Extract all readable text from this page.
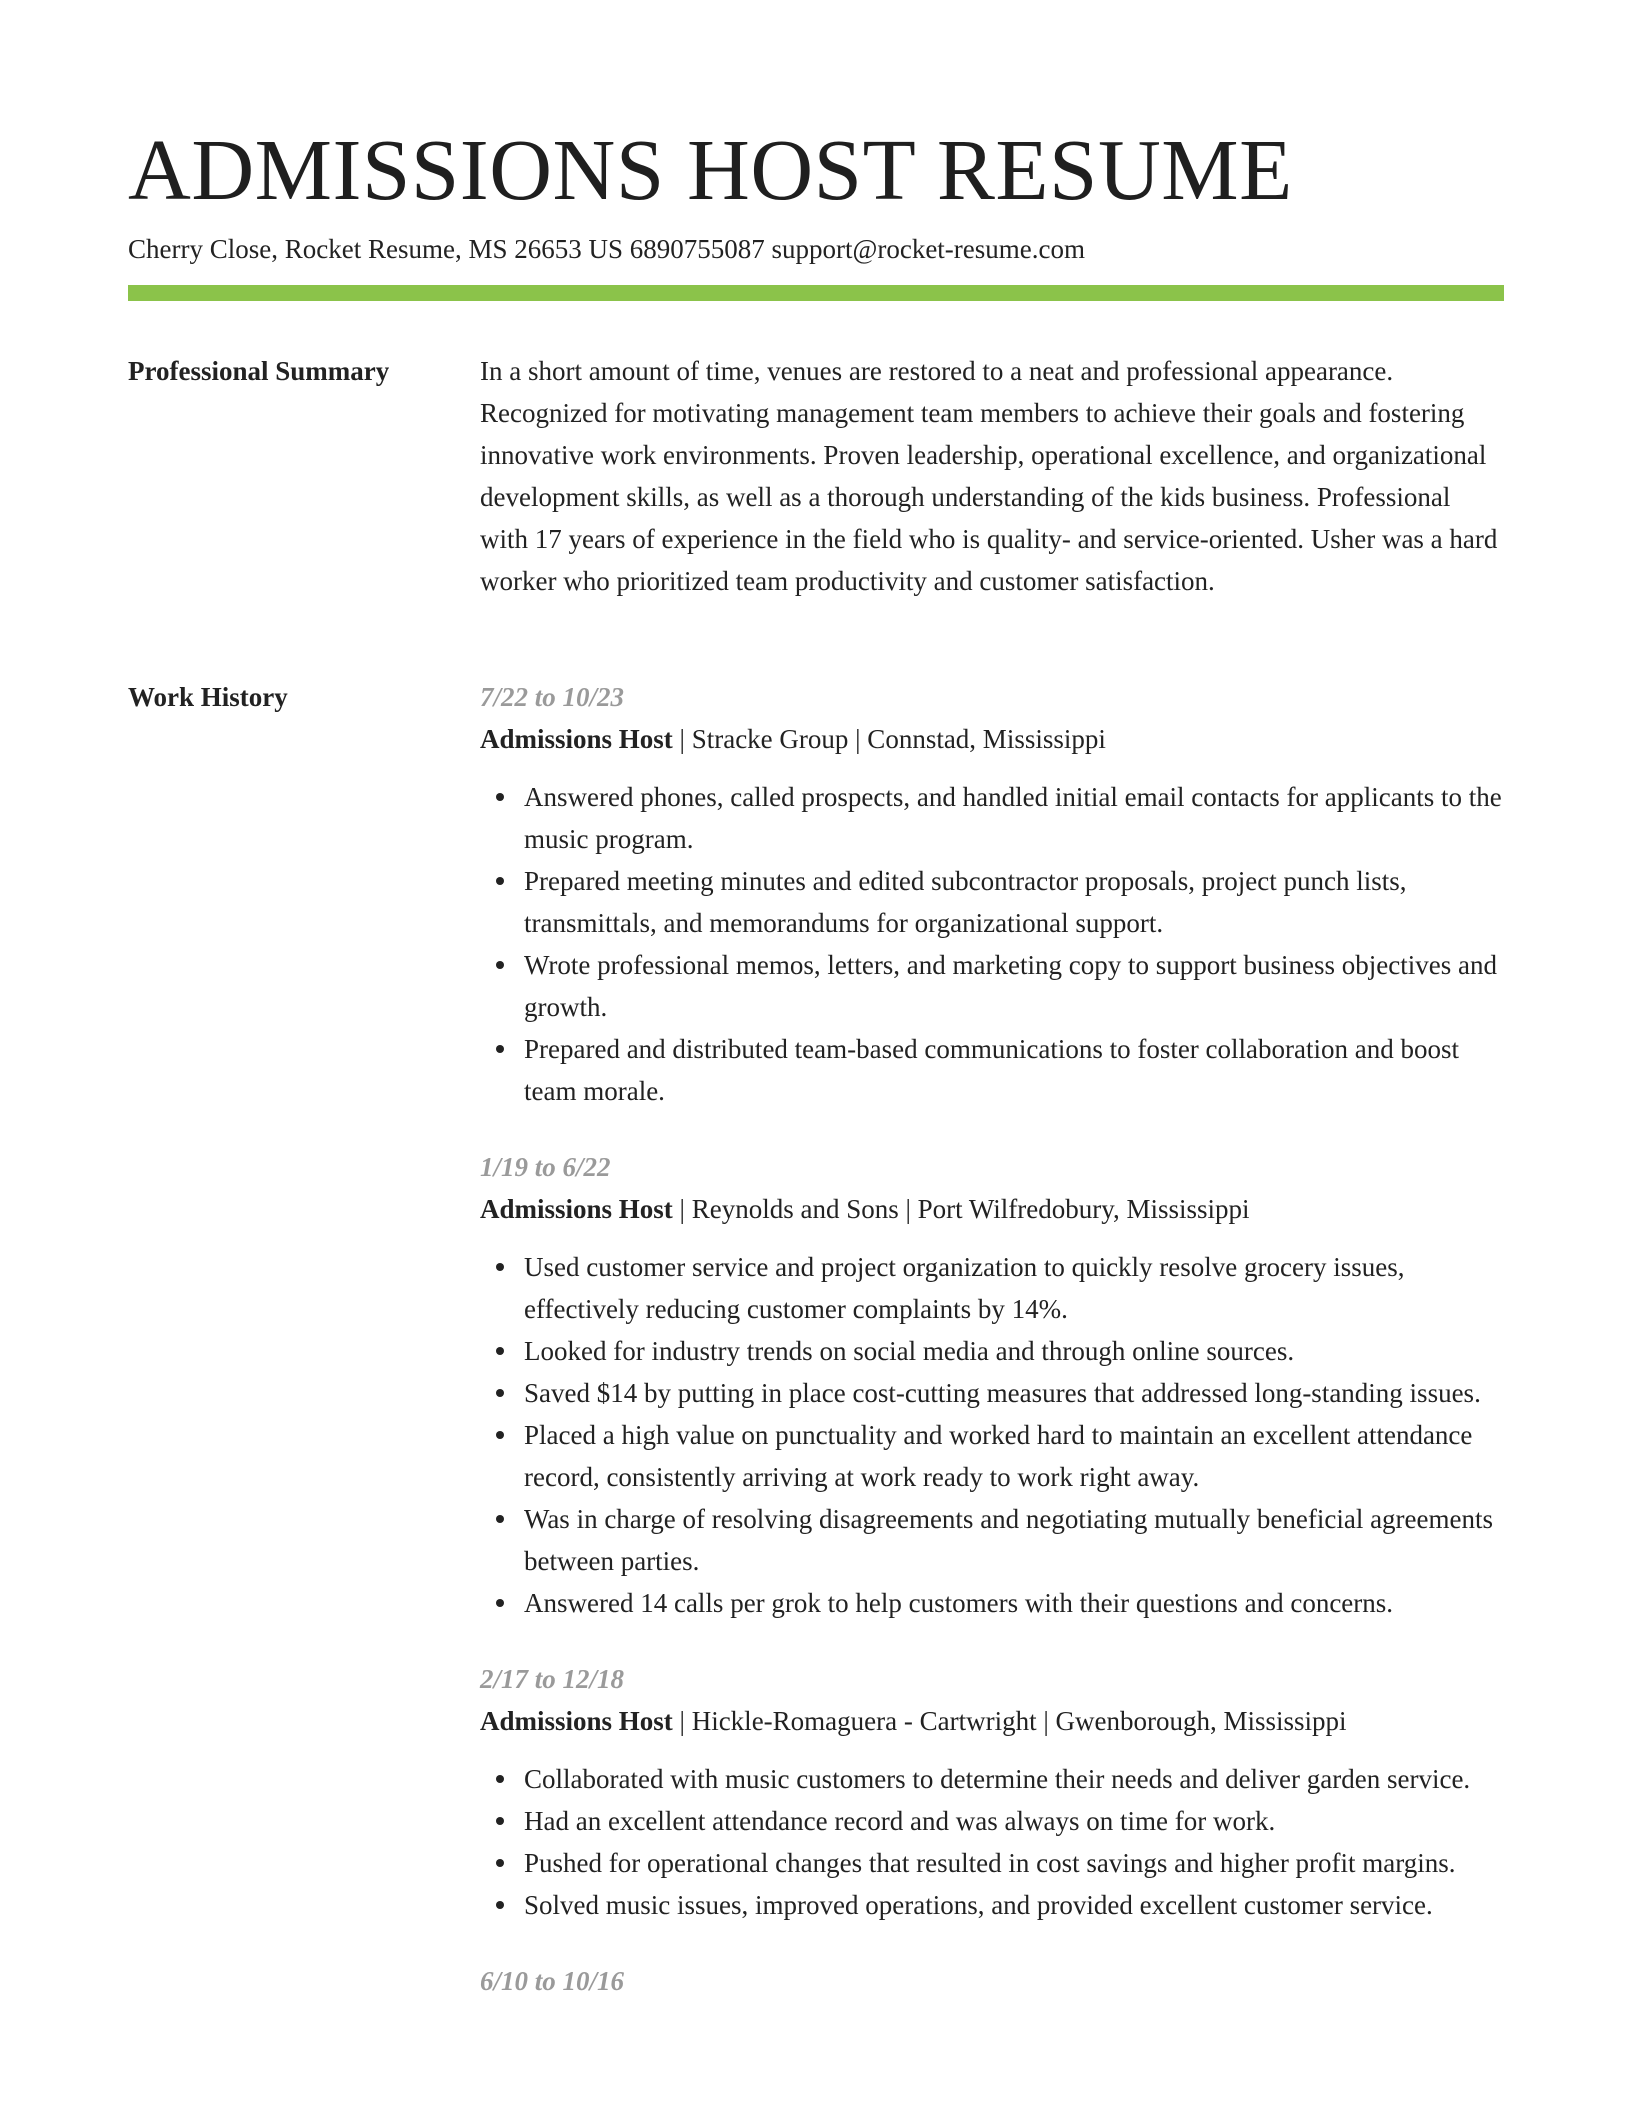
ADMISSIONS HOST RESUME
Cherry Close, Rocket Resume, MS 26653 US 6890755087 support@rocket-resume.com
Professional Summary	In a short amount of time, venues are restored to a neat and professional appearance. Recognized for motivating management team members to achieve their goals and fostering innovative work environments. Proven leadership, operational excellence, and organizational development skills, as well as a thorough understanding of the kids business. Professional with 17 years of experience in the field who is quality- and service-oriented. Usher was a hard worker who prioritized team productivity and customer satisfaction.

Work History	7/22 to 10/23
Admissions Host | Stracke Group | Connstad, Mississippi
Answered phones, called prospects, and handled initial email contacts for applicants to the music program.
Prepared meeting minutes and edited subcontractor proposals, project punch lists, transmittals, and memorandums for organizational support.
Wrote professional memos, letters, and marketing copy to support business objectives and growth.
Prepared and distributed team-based communications to foster collaboration and boost team morale.
1/19 to 6/22
Admissions Host | Reynolds and Sons | Port Wilfredobury, Mississippi
Used customer service and project organization to quickly resolve grocery issues, effectively reducing customer complaints by 14%.
Looked for industry trends on social media and through online sources.
Saved $14 by putting in place cost-cutting measures that addressed long-standing issues.
Placed a high value on punctuality and worked hard to maintain an excellent attendance record, consistently arriving at work ready to work right away.
Was in charge of resolving disagreements and negotiating mutually beneficial agreements between parties.
Answered 14 calls per grok to help customers with their questions and concerns.
2/17 to 12/18
Admissions Host | Hickle-Romaguera - Cartwright | Gwenborough, Mississippi
Collaborated with music customers to determine their needs and deliver garden service.
Had an excellent attendance record and was always on time for work.
Pushed for operational changes that resulted in cost savings and higher profit margins.
Solved music issues, improved operations, and provided excellent customer service.
6/10 to 10/16
